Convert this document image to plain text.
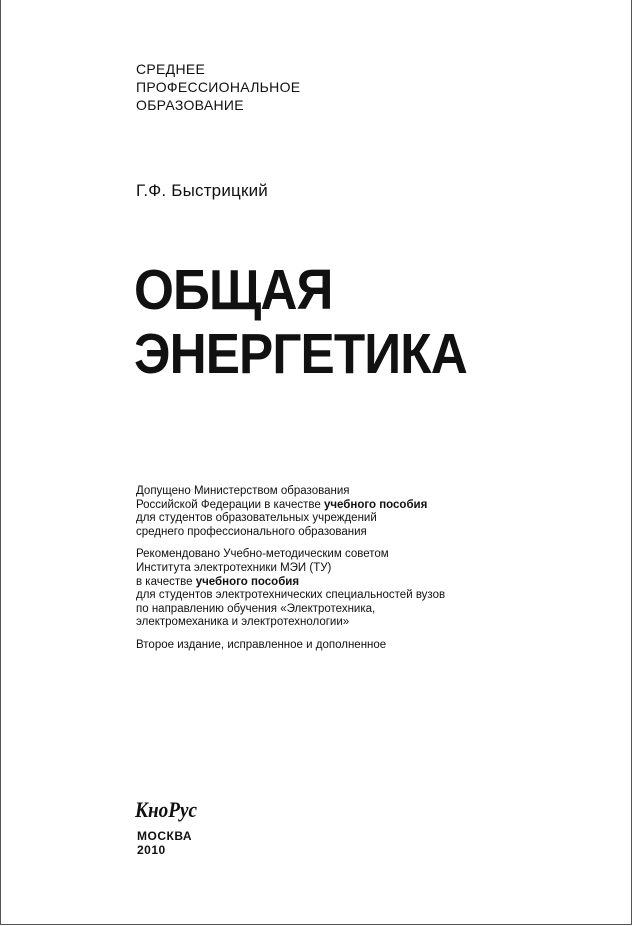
СРЕДНЕЕ
ПРОФЕССИОНАЛЬНОЕ
ОБРАЗОВАНИЕ
Г.Ф. Быстрицкий
ОБЩАЯ
ЭНЕРГЕТИКА
Допущено Министерством образования
Российской Федерации в качестве учебного пособия
для студентов образовательных учреждений
среднего профессионального образования
Рекомендовано Учебно-методическим советом
Института электротехники МЭИ (ТУ)
в качестве учебного пособия
для студентов электротехнических специальностей вузов
по направлению обучения «Электротехника,
электромеханика и электротехнологии»
Второе издание, исправленное и дополненное
КноРус
МОСКВА
2010
